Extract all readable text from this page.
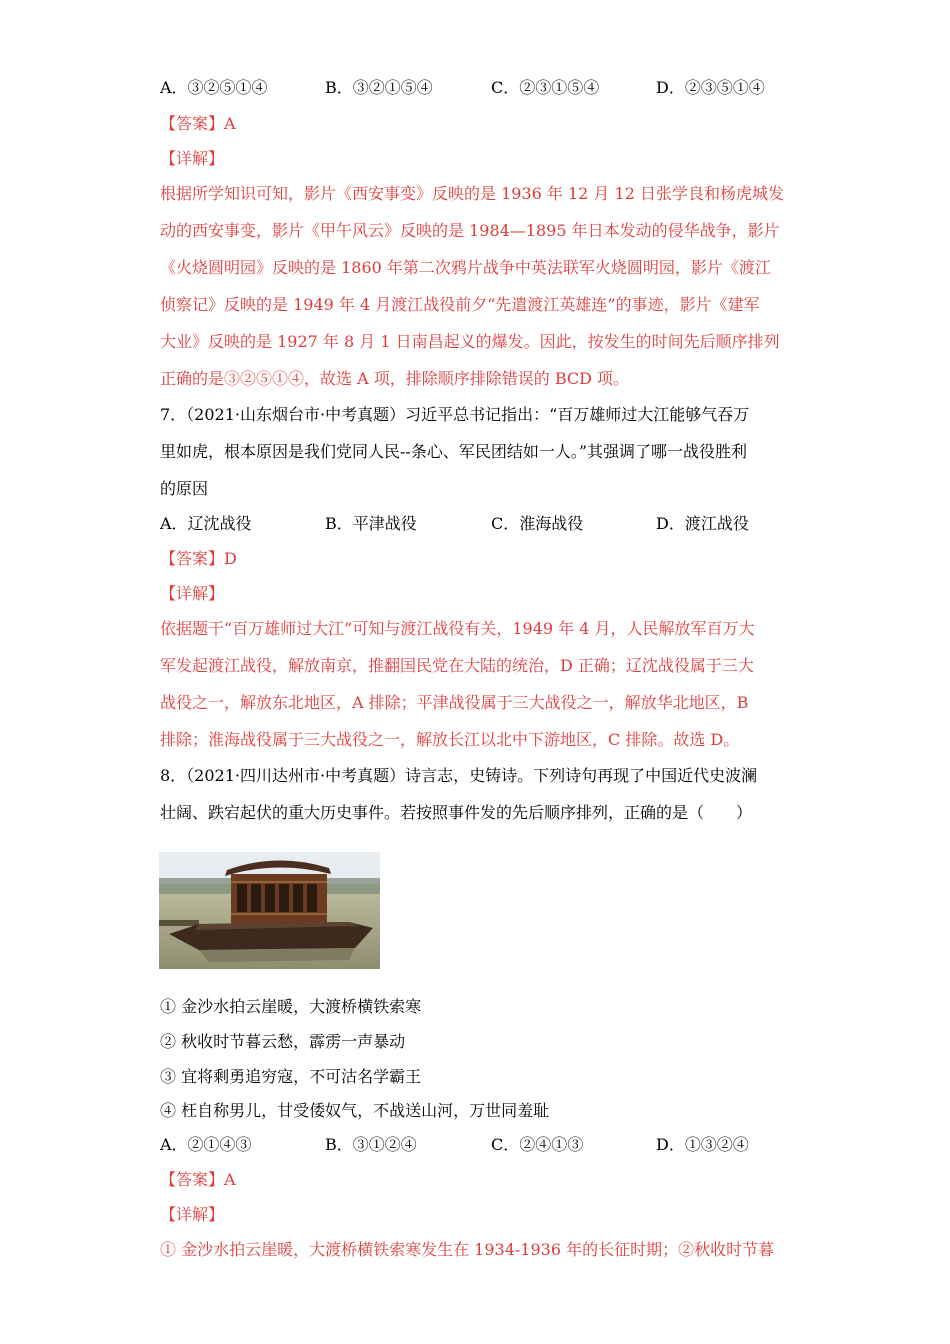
A．③②⑤①④	B．③②①⑤④	C．②③①⑤④	D．②③⑤①④
【答案】A
【详解】
根据所学知识可知，影片《西安事变》反映的是 1936 年 12 月 12 日张学良和杨虎城发
动的西安事变，影片《甲午风云》反映的是 1984—1895 年日本发动的侵华战争，影片
《火烧圆明园》反映的是 1860 年第二次鸦片战争中英法联军火烧圆明园，影片《渡江
侦察记》反映的是 1949 年 4 月渡江战役前夕“先遣渡江英雄连”的事迹，影片《建军
大业》反映的是 1927 年 8 月 1 日南昌起义的爆发。因此，按发生的时间先后顺序排列
正确的是③②⑤①④，故选 A 项，排除顺序排除错误的 BCD 项。
7．（2021·山东烟台市·中考真题）习近平总书记指出：“百万雄师过大江能够气吞万
里如虎，根本原因是我们党同人民--条心、军民团结如一人。”其强调了哪一战役胜利
的原因
A．辽沈战役	B．平津战役	C．淮海战役	D．渡江战役
【答案】D
【详解】
依据题干“百万雄师过大江”可知与渡江战役有关，1949 年 4 月，人民解放军百万大
军发起渡江战役，解放南京，推翻国民党在大陆的统治，D 正确；辽沈战役属于三大
战役之一，解放东北地区，A 排除；平津战役属于三大战役之一，解放华北地区，B
排除；淮海战役属于三大战役之一，解放长江以北中下游地区，C 排除。故选 D。
8．（2021·四川达州市·中考真题）诗言志，史铸诗。下列诗句再现了中国近代史波澜
壮阔、跌宕起伏的重大历史事件。若按照事件发的先后顺序排列，正确的是（　　）
① 金沙水拍云崖暖，大渡桥横铁索寒
② 秋收时节暮云愁，霹雳一声暴动
③ 宜将剩勇追穷寇，不可沽名学霸王
④ 枉自称男儿，甘受倭奴气，不战送山河，万世同羞耻
A．②①④③	B．③①②④	C．②④①③	D．①③②④
【答案】A
【详解】
① 金沙水拍云崖暖，大渡桥横铁索寒发生在 1934-1936 年的长征时期；②秋收时节暮
